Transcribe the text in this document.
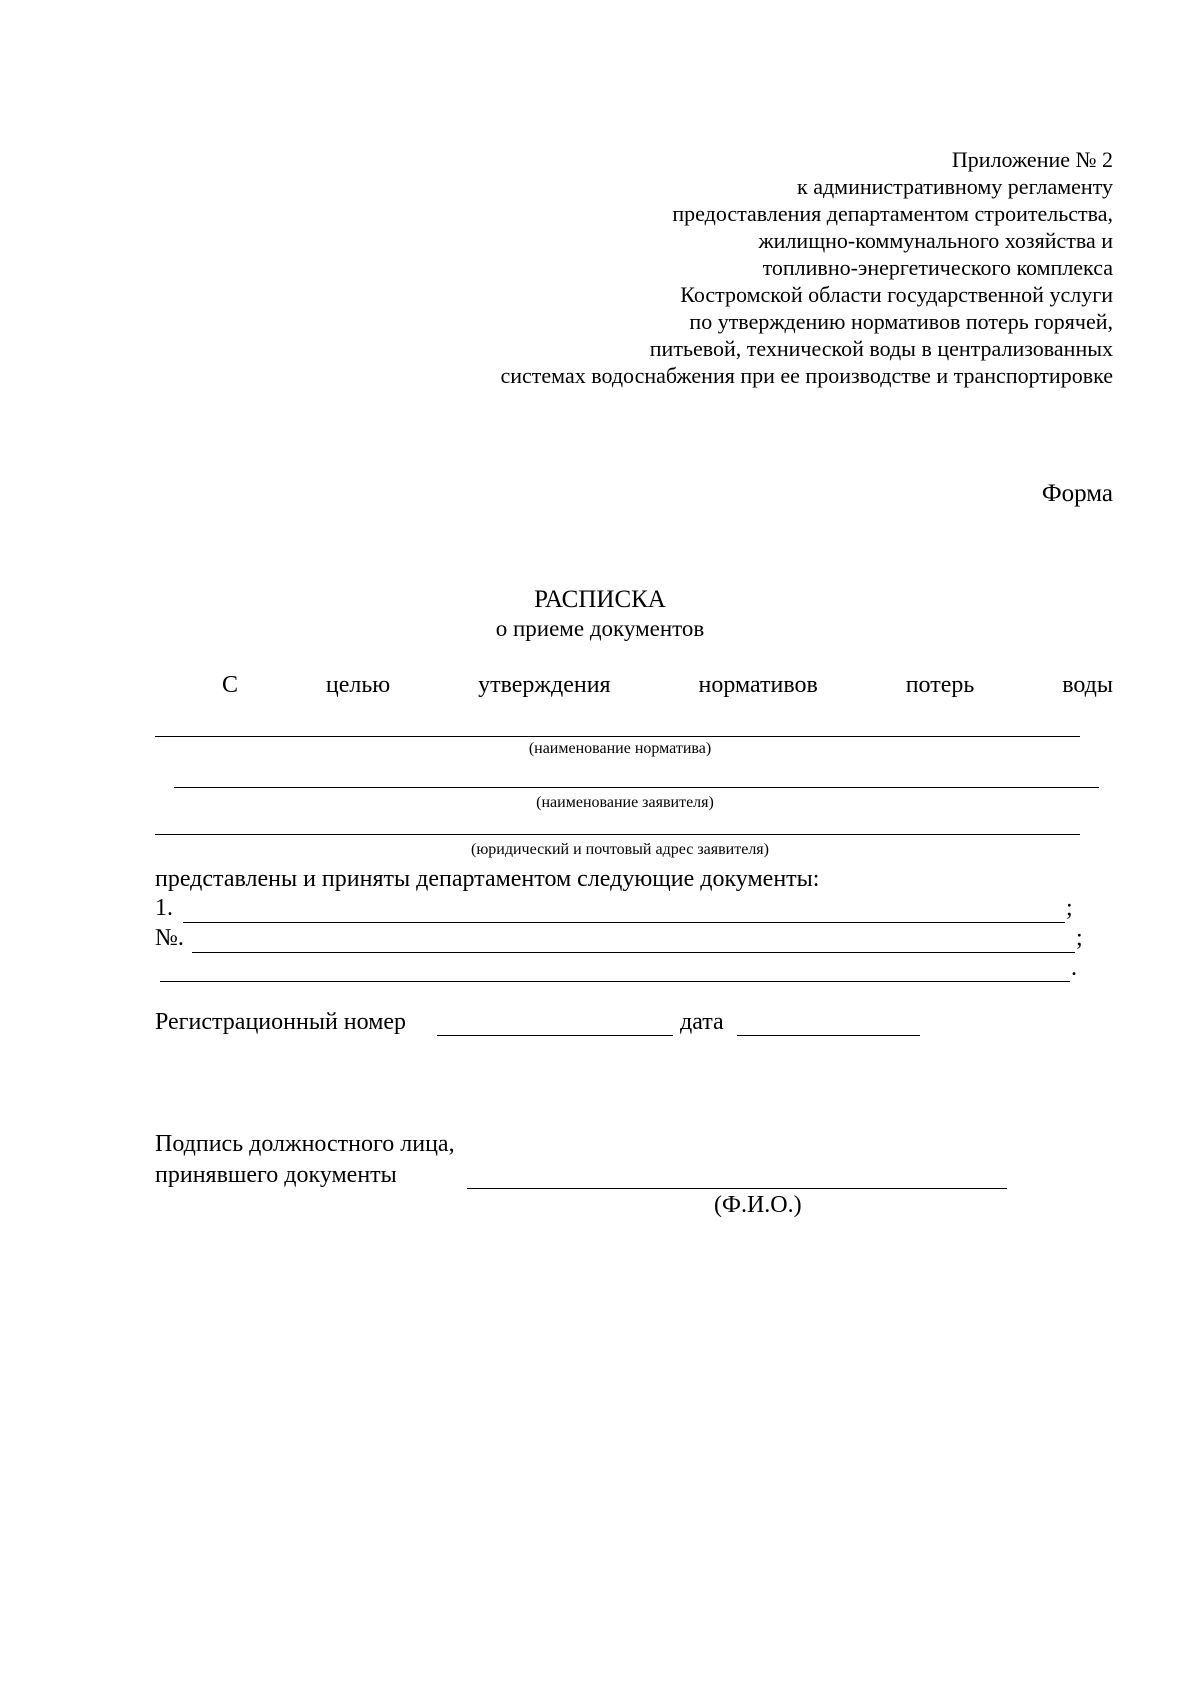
Приложение № 2
к административному регламенту
предоставления департаментом строительства,
жилищно-коммунального хозяйства и
топливно-энергетического комплекса
Костромской области государственной услуги
по утверждению нормативов потерь горячей,
питьевой, технической воды в централизованных
системах водоснабжения при ее производстве и транспортировке
Форма
РАСПИСКА
о приеме документов
С	целью	утверждения	нормативов	потерь	воды
(наименование норматива)
(наименование заявителя)
(юридический и почтовый адрес заявителя)
представлены и приняты департаментом следующие документы:
1.	;
№.	;
.
Регистрационный номер	дата
Подпись должностного лица,
принявшего документы
(Ф.И.О.)
